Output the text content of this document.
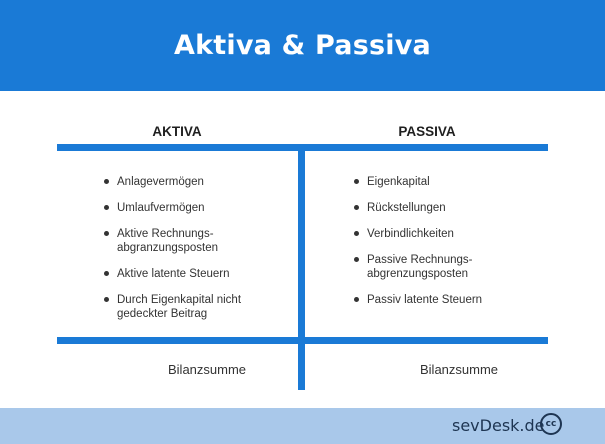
Aktiva & Passiva
AKTIVA	PASSIVA
Anlagevermögen
Umlaufvermögen
Aktive Rechnungs-
abgranzungsposten
Aktive latente Steuern
Durch Eigenkapital nicht
gedeckter Beitrag
Eigenkapital
Rückstellungen
Verbindlichkeiten
Passive Rechnungs-
abgrenzungsposten
Passiv latente Steuern
Bilanzsumme	Bilanzsumme
sevDesk.de cc
